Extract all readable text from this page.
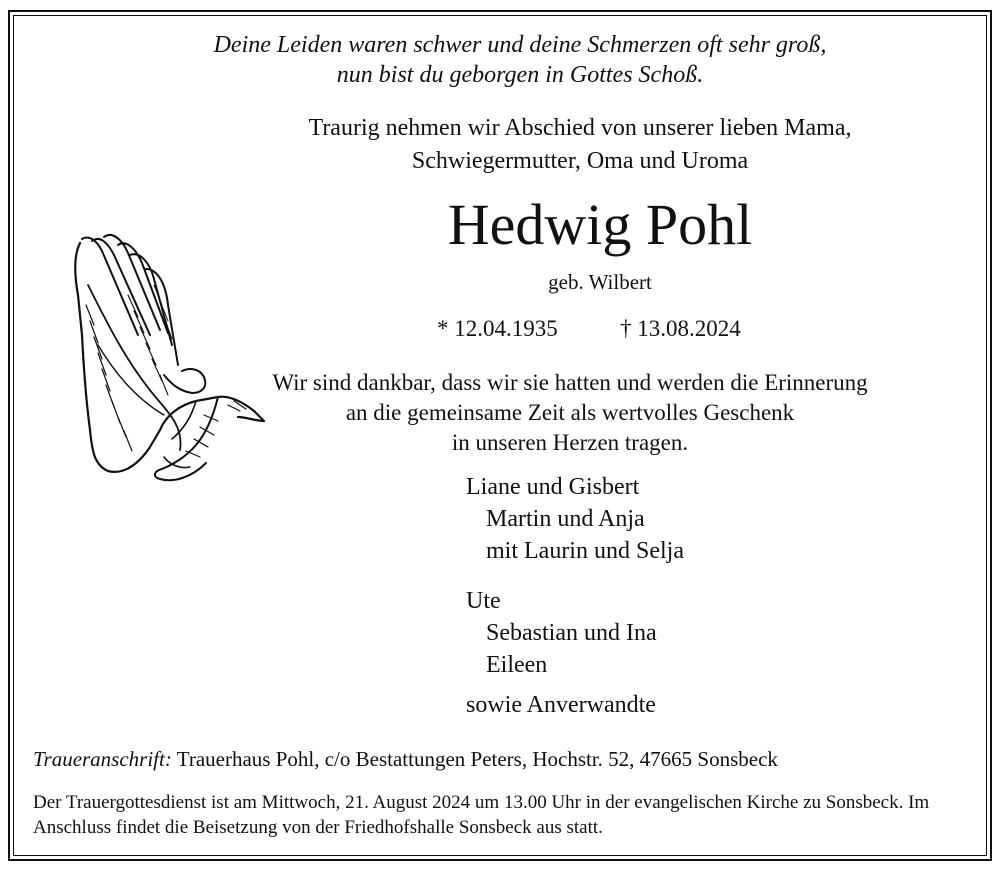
Deine Leiden waren schwer und deine Schmerzen oft sehr groß,
nun bist du geborgen in Gottes Schoß.
Traurig nehmen wir Abschied von unserer lieben Mama,
Schwiegermutter, Oma und Uroma
Hedwig Pohl
geb. Wilbert
* 12.04.1935	† 13.08.2024
Wir sind dankbar, dass wir sie hatten und werden die Erinnerung
an die gemeinsame Zeit als wertvolles Geschenk
in unseren Herzen tragen.
Liane und Gisbert
Martin und Anja
mit Laurin und Selja
Ute
Sebastian und Ina
Eileen
sowie Anverwandte
Traueranschrift: Trauerhaus Pohl, c/o Bestattungen Peters, Hochstr. 52, 47665 Sonsbeck
Der Trauergottesdienst ist am Mittwoch, 21. August 2024 um 13.00 Uhr in der evangelischen Kirche zu Sonsbeck. Im Anschluss findet die Beisetzung von der Friedhofshalle Sonsbeck aus statt.
